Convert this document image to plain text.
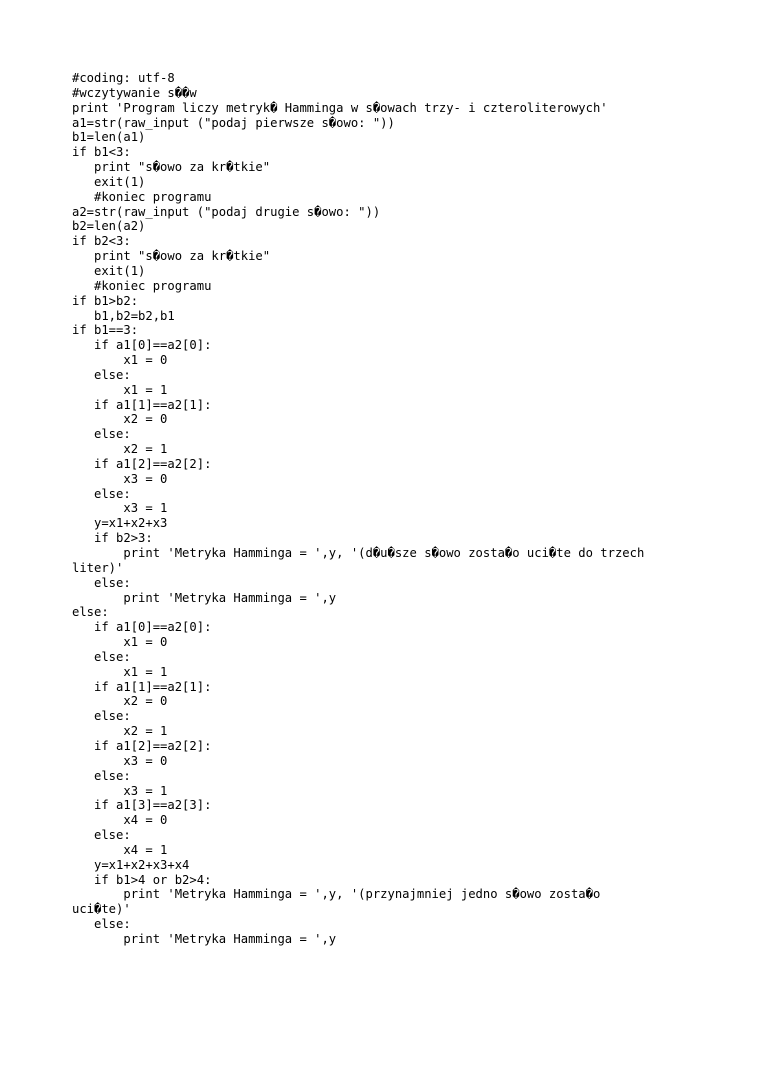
#coding: utf-8
#wczytywanie s��w
print 'Program liczy metryk� Hamminga w s�owach trzy- i czteroliterowych'
a1=str(raw_input ("podaj pierwsze s�owo: "))
b1=len(a1)
if b1<3:
print "s�owo za kr�tkie"
exit(1)
#koniec programu
a2=str(raw_input ("podaj drugie s�owo: "))
b2=len(a2)
if b2<3:
print "s�owo za kr�tkie"
exit(1)
#koniec programu
if b1>b2:
b1,b2=b2,b1
if b1==3:
if a1[0]==a2[0]:
x1 = 0
else:
x1 = 1
if a1[1]==a2[1]:
x2 = 0
else:
x2 = 1
if a1[2]==a2[2]:
x3 = 0
else:
x3 = 1
y=x1+x2+x3
if b2>3:
print 'Metryka Hamminga = ',y, '(d�u�sze s�owo zosta�o uci�te do trzech
liter)'
else:
print 'Metryka Hamminga = ',y
else:
if a1[0]==a2[0]:
x1 = 0
else:
x1 = 1
if a1[1]==a2[1]:
x2 = 0
else:
x2 = 1
if a1[2]==a2[2]:
x3 = 0
else:
x3 = 1
if a1[3]==a2[3]:
x4 = 0
else:
x4 = 1
y=x1+x2+x3+x4
if b1>4 or b2>4:
print 'Metryka Hamminga = ',y, '(przynajmniej jedno s�owo zosta�o
uci�te)'
else:
print 'Metryka Hamminga = ',y
